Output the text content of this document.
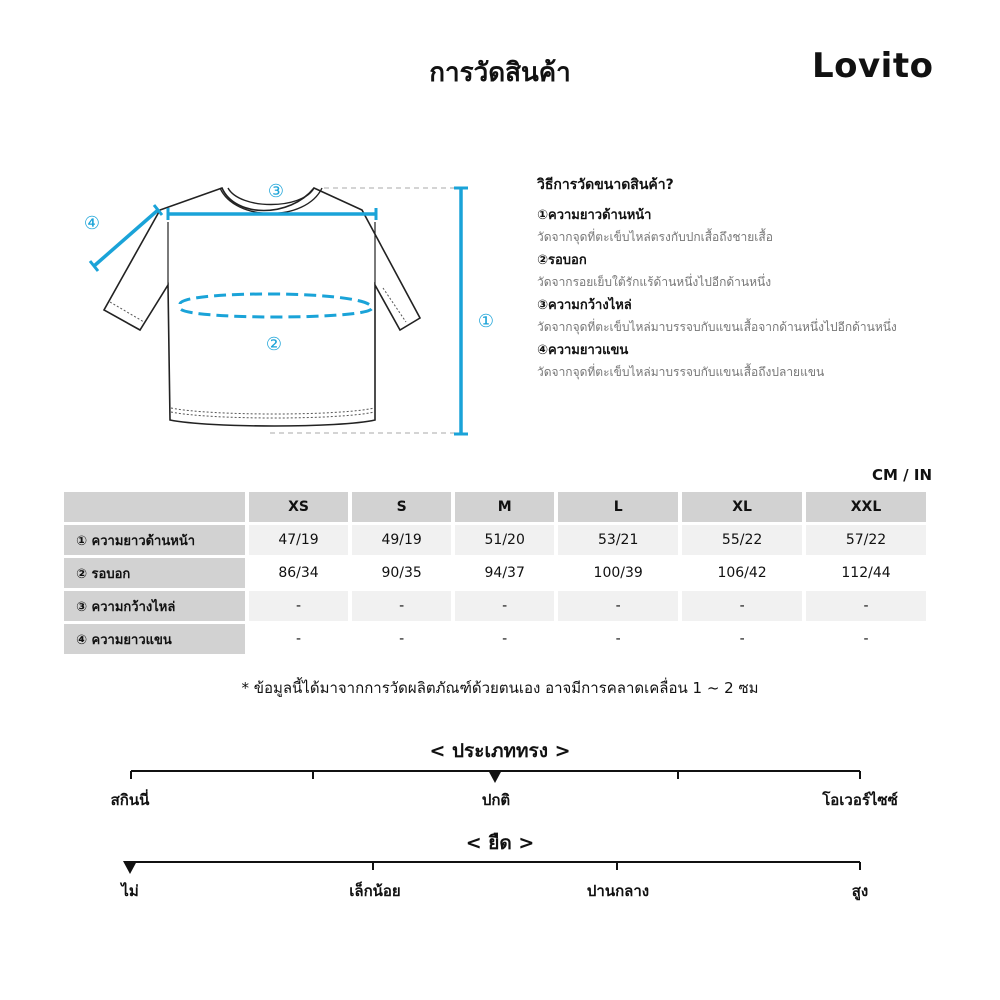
การวัดสินค้า	Lovito
③
④
②
①
วิธีการวัดขนาดสินค้า?
①ความยาวด้านหน้า
วัดจากจุดที่ตะเข็บไหล่ตรงกับปกเสื้อถึงชายเสื้อ
②รอบอก
วัดจากรอยเย็บใต้รักแร้ด้านหนึ่งไปอีกด้านหนึ่ง
③ความกว้างไหล่
วัดจากจุดที่ตะเข็บไหล่มาบรรจบกับแขนเสื้อจากด้านหนึ่งไปอีกด้านหนึ่ง
④ความยาวแขน
วัดจากจุดที่ตะเข็บไหล่มาบรรจบกับแขนเสื้อถึงปลายแขน
CM / IN
	XS	S	M	L	XL	XXL
① ความยาวด้านหน้า	47/19	49/19	51/20	53/21	55/22	57/22
② รอบอก	86/34	90/35	94/37	100/39	106/42	112/44
③ ความกว้างไหล่	-	-	-	-	-	-
④ ความยาวแขน	-	-	-	-	-	-
* ข้อมูลนี้ได้มาจากการวัดผลิตภัณฑ์ด้วยตนเอง อาจมีการคลาดเคลื่อน 1 ~ 2 ซม
< ประเภททรง >
สกินนี่	ปกติ	โอเวอร์ไซซ์
< ยืด >
ไม่	เล็กน้อย	ปานกลาง	สูง
